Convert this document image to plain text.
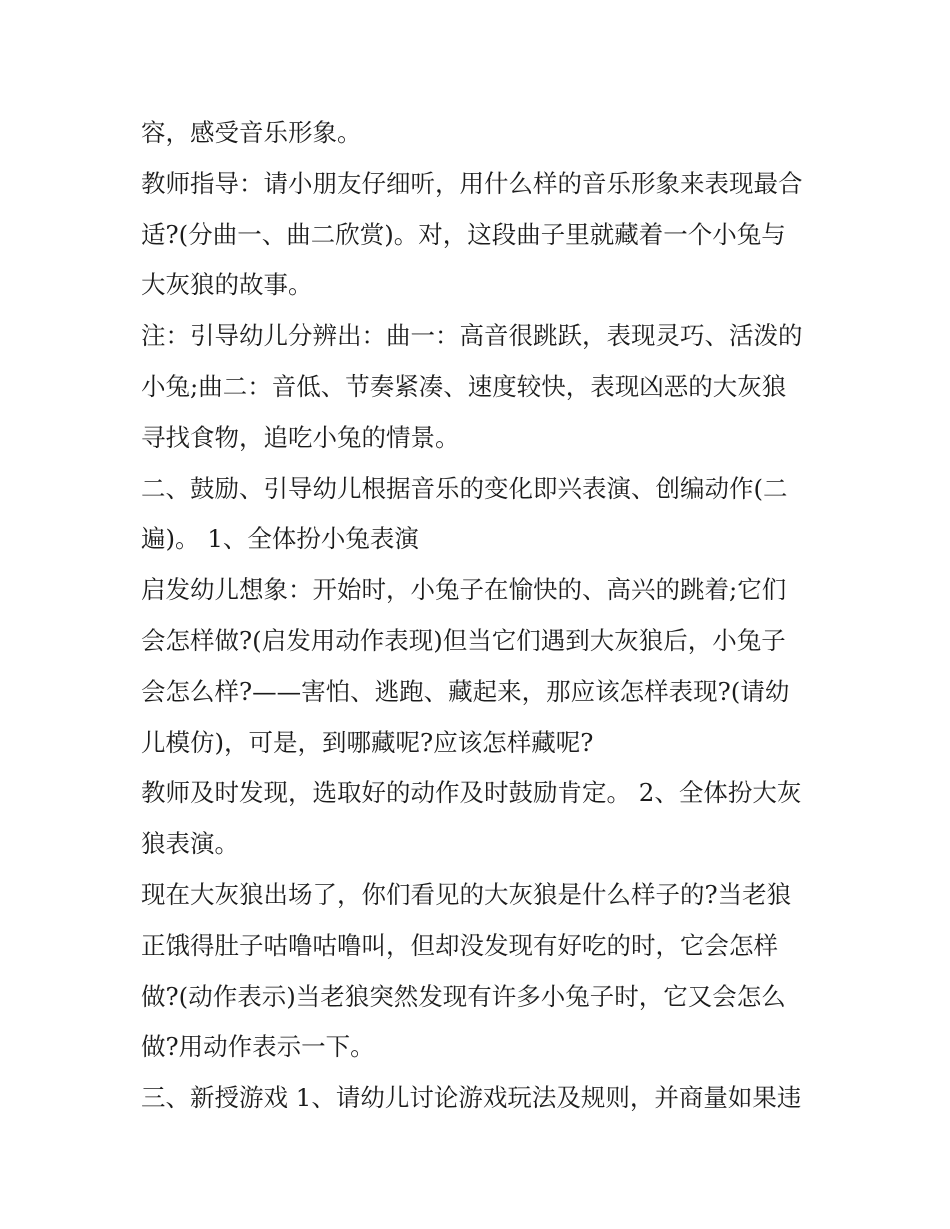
容，感受音乐形象。
教师指导：请小朋友仔细听，用什么样的音乐形象来表现最合
适?(分曲一、曲二欣赏)。对，这段曲子里就藏着一个小兔与
大灰狼的故事。
注：引导幼儿分辨出：曲一：高音很跳跃，表现灵巧、活泼的
小兔;曲二：音低、节奏紧凑、速度较快，表现凶恶的大灰狼
寻找食物，追吃小兔的情景。
二、鼓励、引导幼儿根据音乐的变化即兴表演、创编动作(二
遍)。 1、全体扮小兔表演
启发幼儿想象：开始时，小兔子在愉快的、高兴的跳着;它们
会怎样做?(启发用动作表现)但当它们遇到大灰狼后，小兔子
会怎么样?——害怕、逃跑、藏起来，那应该怎样表现?(请幼
儿模仿)，可是，到哪藏呢?应该怎样藏呢?
教师及时发现，选取好的动作及时鼓励肯定。 2、全体扮大灰
狼表演。
现在大灰狼出场了，你们看见的大灰狼是什么样子的?当老狼
正饿得肚子咕噜咕噜叫，但却没发现有好吃的时，它会怎样
做?(动作表示)当老狼突然发现有许多小兔子时，它又会怎么
做?用动作表示一下。
三、新授游戏 1、请幼儿讨论游戏玩法及规则，并商量如果违
